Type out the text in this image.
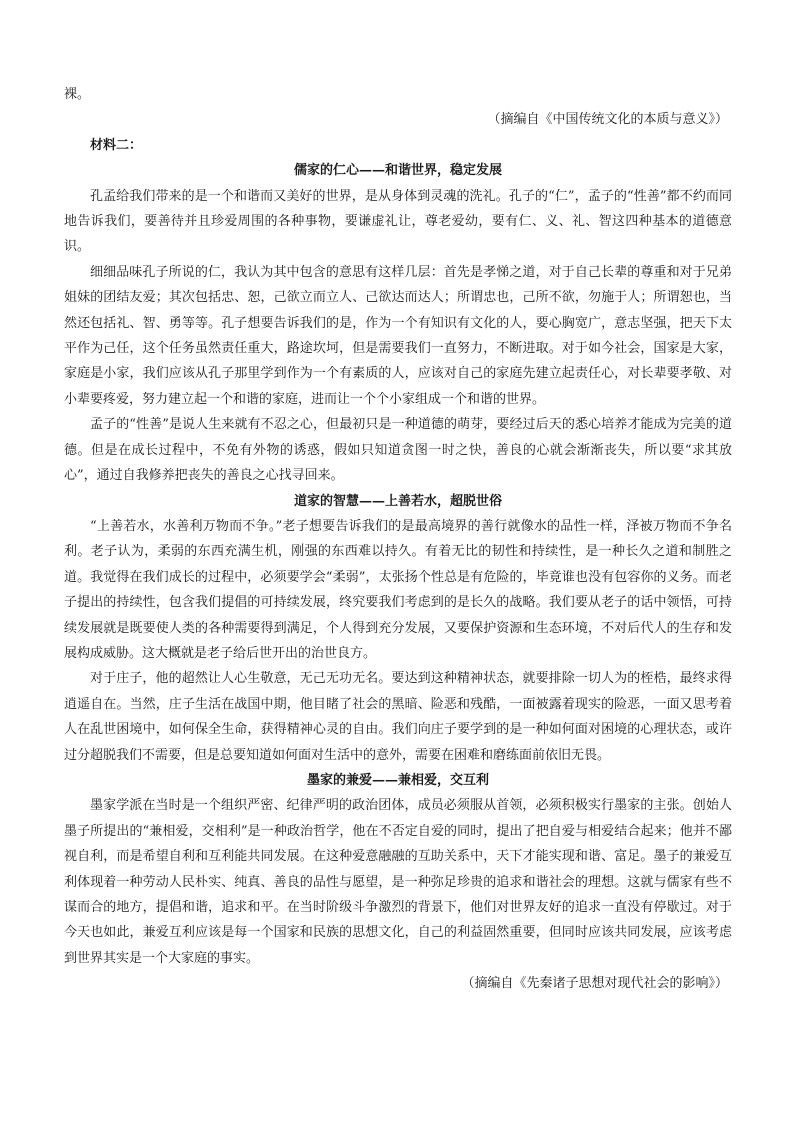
裸。

（摘编自《中国传统文化的本质与意义》）

材料二：

儒家的仁心——和谐世界，稳定发展

孔孟给我们带来的是一个和谐而又美好的世界，是从身体到灵魂的洗礼。孔子的“仁”，孟子的“性善”都不约而同地告诉我们，要善待并且珍爱周围的各种事物，要谦虚礼让，尊老爱幼，要有仁、义、礼、智这四种基本的道德意识。

细细品味孔子所说的仁，我认为其中包含的意思有这样几层：首先是孝悌之道，对于自己长辈的尊重和对于兄弟姐妹的团结友爱；其次包括忠、恕，己欲立而立人、己欲达而达人；所谓忠也，己所不欲，勿施于人；所谓恕也，当然还包括礼、智、勇等等。孔子想要告诉我们的是，作为一个有知识有文化的人，要心胸宽广，意志坚强，把天下太平作为己任，这个任务虽然责任重大，路途坎坷，但是需要我们一直努力，不断进取。对于如今社会，国家是大家，家庭是小家，我们应该从孔子那里学到作为一个有素质的人，应该对自己的家庭先建立起责任心，对长辈要孝敬、对小辈要疼爱，努力建立起一个和谐的家庭，进而让一个个小家组成一个和谐的世界。

孟子的“性善”是说人生来就有不忍之心，但最初只是一种道德的萌芽，要经过后天的悉心培养才能成为完美的道德。但是在成长过程中，不免有外物的诱惑，假如只知道贪图一时之快，善良的心就会渐渐丧失，所以要“求其放心”，通过自我修养把丧失的善良之心找寻回来。

道家的智慧——上善若水，超脱世俗

“上善若水，水善利万物而不争。”老子想要告诉我们的是最高境界的善行就像水的品性一样，泽被万物而不争名利。老子认为，柔弱的东西充满生机，刚强的东西难以持久。有着无比的韧性和持续性，是一种长久之道和制胜之道。我觉得在我们成长的过程中，必须要学会“柔弱”，太张扬个性总是有危险的，毕竟谁也没有包容你的义务。而老子提出的持续性，包含我们提倡的可持续发展，终究要我们考虑到的是长久的战略。我们要从老子的话中领悟，可持续发展就是既要使人类的各种需要得到满足，个人得到充分发展，又要保护资源和生态环境，不对后代人的生存和发展构成威胁。这大概就是老子给后世开出的治世良方。

对于庄子，他的超然让人心生敬意，无己无功无名。要达到这种精神状态，就要排除一切人为的桎梏，最终求得逍遥自在。当然，庄子生活在战国中期，他目睹了社会的黑暗、险恶和残酷，一面被露着现实的险恶，一面又思考着人在乱世困境中，如何保全生命，获得精神心灵的自由。我们向庄子要学到的是一种如何面对困境的心理状态，或许过分超脱我们不需要，但是总要知道如何面对生活中的意外，需要在困难和磨练面前依旧无畏。

墨家的兼爱——兼相爱，交互利

墨家学派在当时是一个组织严密、纪律严明的政治团体，成员必须服从首领，必须积极实行墨家的主张。创始人墨子所提出的“兼相爱，交相利”是一种政治哲学，他在不否定自爱的同时，提出了把自爱与相爱结合起来；他并不鄙视自利，而是希望自利和互利能共同发展。在这种爱意融融的互助关系中，天下才能实现和谐、富足。墨子的兼爱互利体现着一种劳动人民朴实、纯真、善良的品性与愿望，是一种弥足珍贵的追求和谐社会的理想。这就与儒家有些不谋而合的地方，提倡和谐，追求和平。在当时阶级斗争激烈的背景下，他们对世界友好的追求一直没有停歇过。对于今天也如此，兼爱互利应该是每一个国家和民族的思想文化，自己的利益固然重要，但同时应该共同发展，应该考虑到世界其实是一个大家庭的事实。

（摘编自《先秦诸子思想对现代社会的影响》）
